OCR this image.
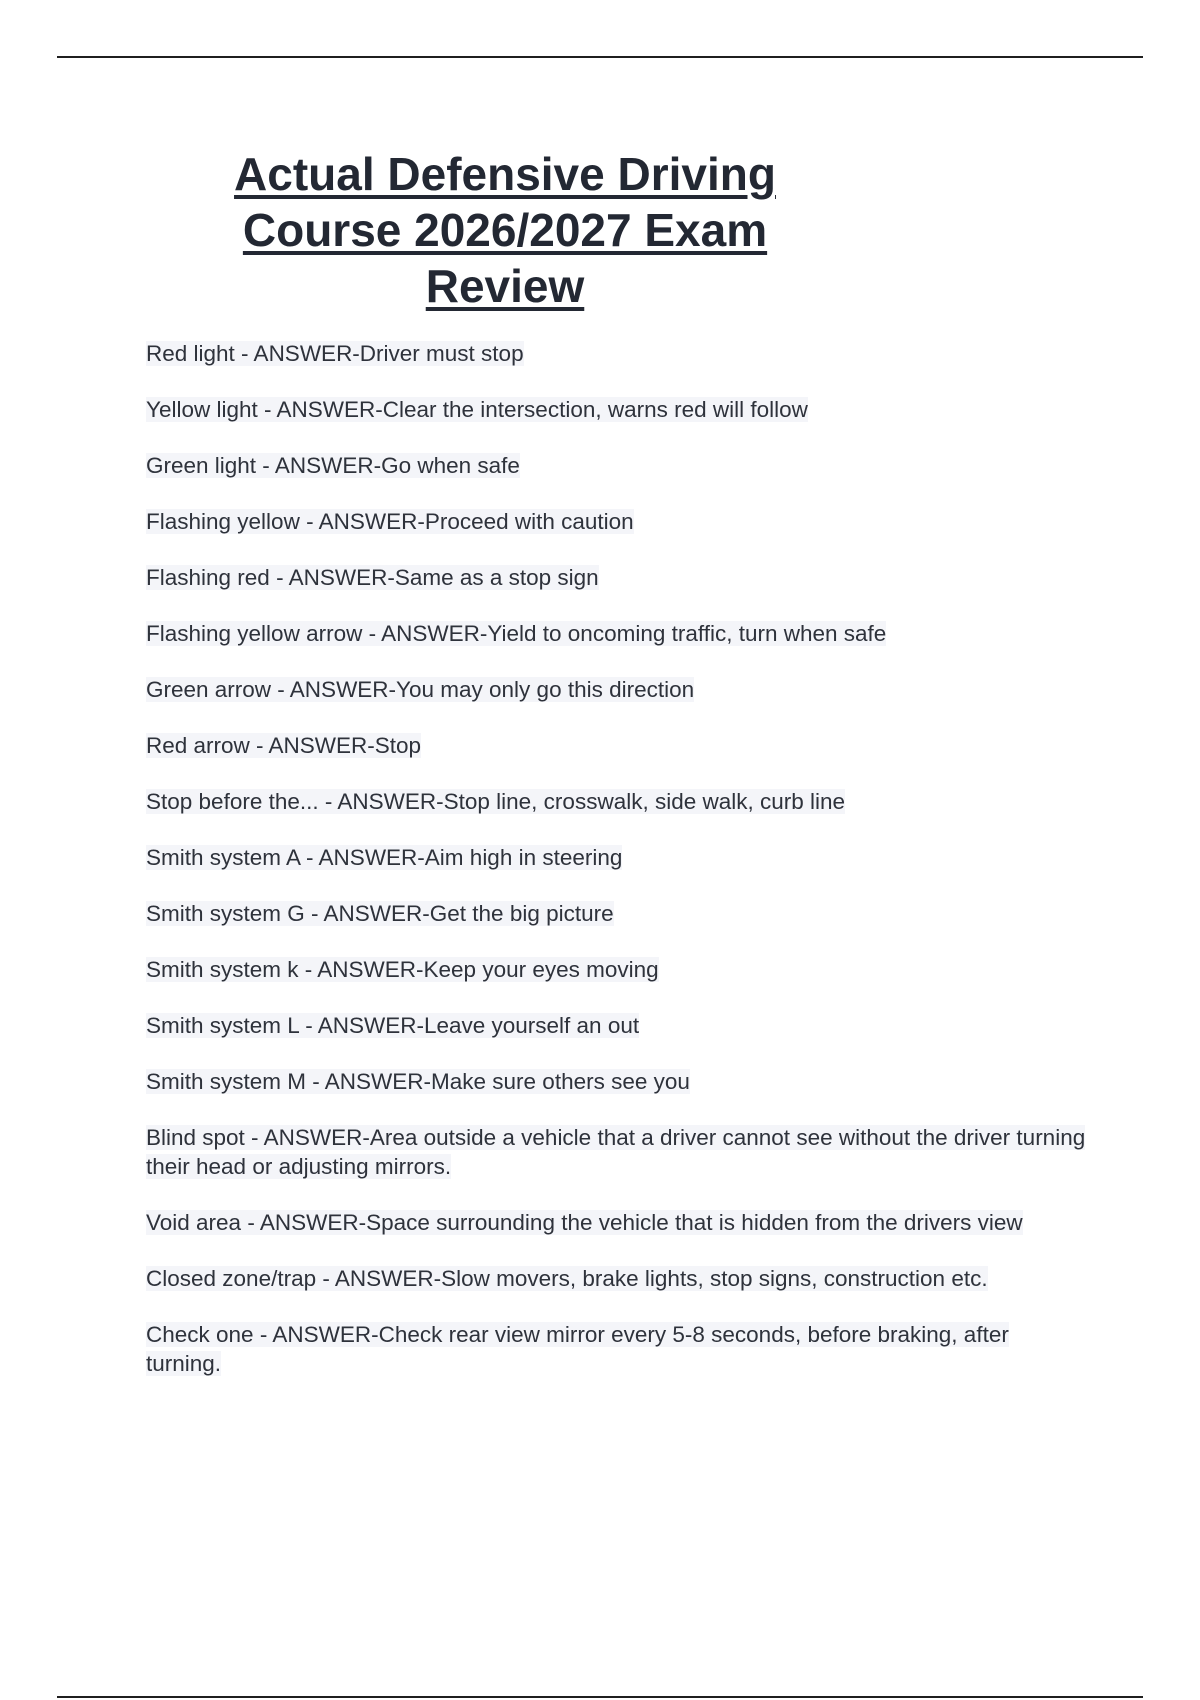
Actual Defensive Driving
Course 2026/2027 Exam
Review
Red light - ANSWER-Driver must stop
Yellow light - ANSWER-Clear the intersection, warns red will follow
Green light - ANSWER-Go when safe
Flashing yellow - ANSWER-Proceed with caution
Flashing red - ANSWER-Same as a stop sign
Flashing yellow arrow - ANSWER-Yield to oncoming traffic, turn when safe
Green arrow - ANSWER-You may only go this direction
Red arrow - ANSWER-Stop
Stop before the... - ANSWER-Stop line, crosswalk, side walk, curb line
Smith system A - ANSWER-Aim high in steering
Smith system G - ANSWER-Get the big picture
Smith system k - ANSWER-Keep your eyes moving
Smith system L - ANSWER-Leave yourself an out
Smith system M - ANSWER-Make sure others see you
Blind spot - ANSWER-Area outside a vehicle that a driver cannot see without the driver turning their head or adjusting mirrors.
Void area - ANSWER-Space surrounding the vehicle that is hidden from the drivers view
Closed zone/trap - ANSWER-Slow movers, brake lights, stop signs, construction etc.
Check one - ANSWER-Check rear view mirror every 5-8 seconds, before braking, after turning.
